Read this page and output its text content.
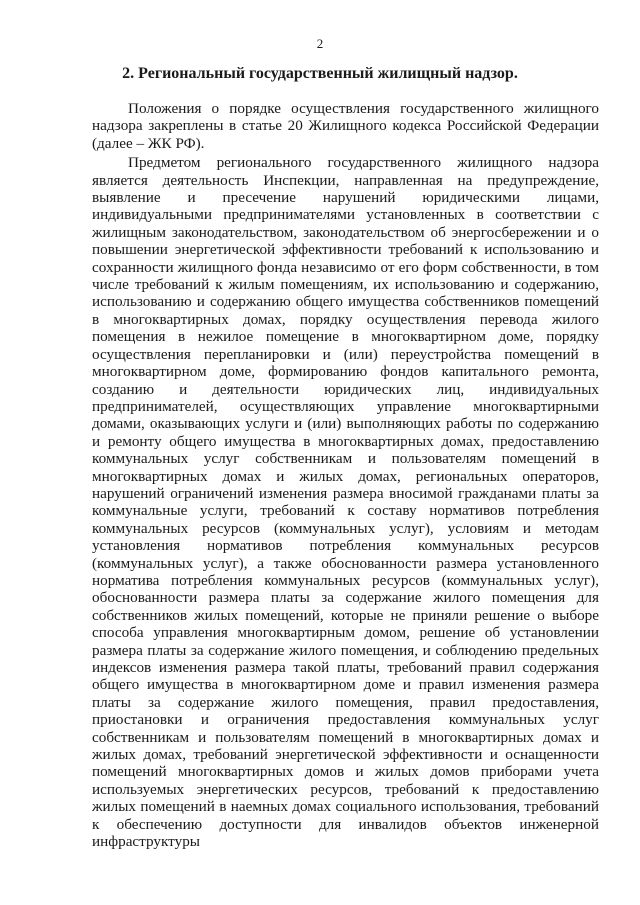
2
2. Региональный государственный жилищный надзор.

Положения о порядке осуществления государственного жилищного надзора закреплены в статье 20 Жилищного кодекса Российской Федерации (далее – ЖК РФ).

Предметом регионального государственного жилищного надзора является деятельность Инспекции, направленная на предупреждение, выявление и пресечение нарушений юридическими лицами, индивидуальными предпринимателями установленных в соответствии с жилищным законодательством, законодательством об энергосбережении и о повышении энергетической эффективности требований к использованию и сохранности жилищного фонда независимо от его форм собственности, в том числе требований к жилым помещениям, их использованию и содержанию, использованию и содержанию общего имущества собственников помещений в многоквартирных домах, порядку осуществления перевода жилого помещения в нежилое помещение в многоквартирном доме, порядку осуществления перепланировки и (или) переустройства помещений в многоквартирном доме, формированию фондов капитального ремонта, созданию и деятельности юридических лиц, индивидуальных предпринимателей, осуществляющих управление многоквартирными домами, оказывающих услуги и (или) выполняющих работы по содержанию и ремонту общего имущества в многоквартирных домах, предоставлению коммунальных услуг собственникам и пользователям помещений в многоквартирных домах и жилых домах, региональных операторов, нарушений ограничений изменения размера вносимой гражданами платы за коммунальные услуги, требований к составу нормативов потребления коммунальных ресурсов (коммунальных услуг), условиям и методам установления нормативов потребления коммунальных ресурсов (коммунальных услуг), а также обоснованности размера установленного норматива потребления коммунальных ресурсов (коммунальных услуг), обоснованности размера платы за содержание жилого помещения для собственников жилых помещений, которые не приняли решение о выборе способа управления многоквартирным домом, решение об установлении размера платы за содержание жилого помещения, и соблюдению предельных индексов изменения размера такой платы, требований правил содержания общего имущества в многоквартирном доме и правил изменения размера платы за содержание жилого помещения, правил предоставления, приостановки и ограничения предоставления коммунальных услуг собственникам и пользователям помещений в многоквартирных домах и жилых домах, требований энергетической эффективности и оснащенности помещений многоквартирных домов и жилых домов приборами учета используемых энергетических ресурсов, требований к предоставлению жилых помещений в наемных домах социального использования, требований к обеспечению доступности для инвалидов объектов инженерной инфраструктуры
